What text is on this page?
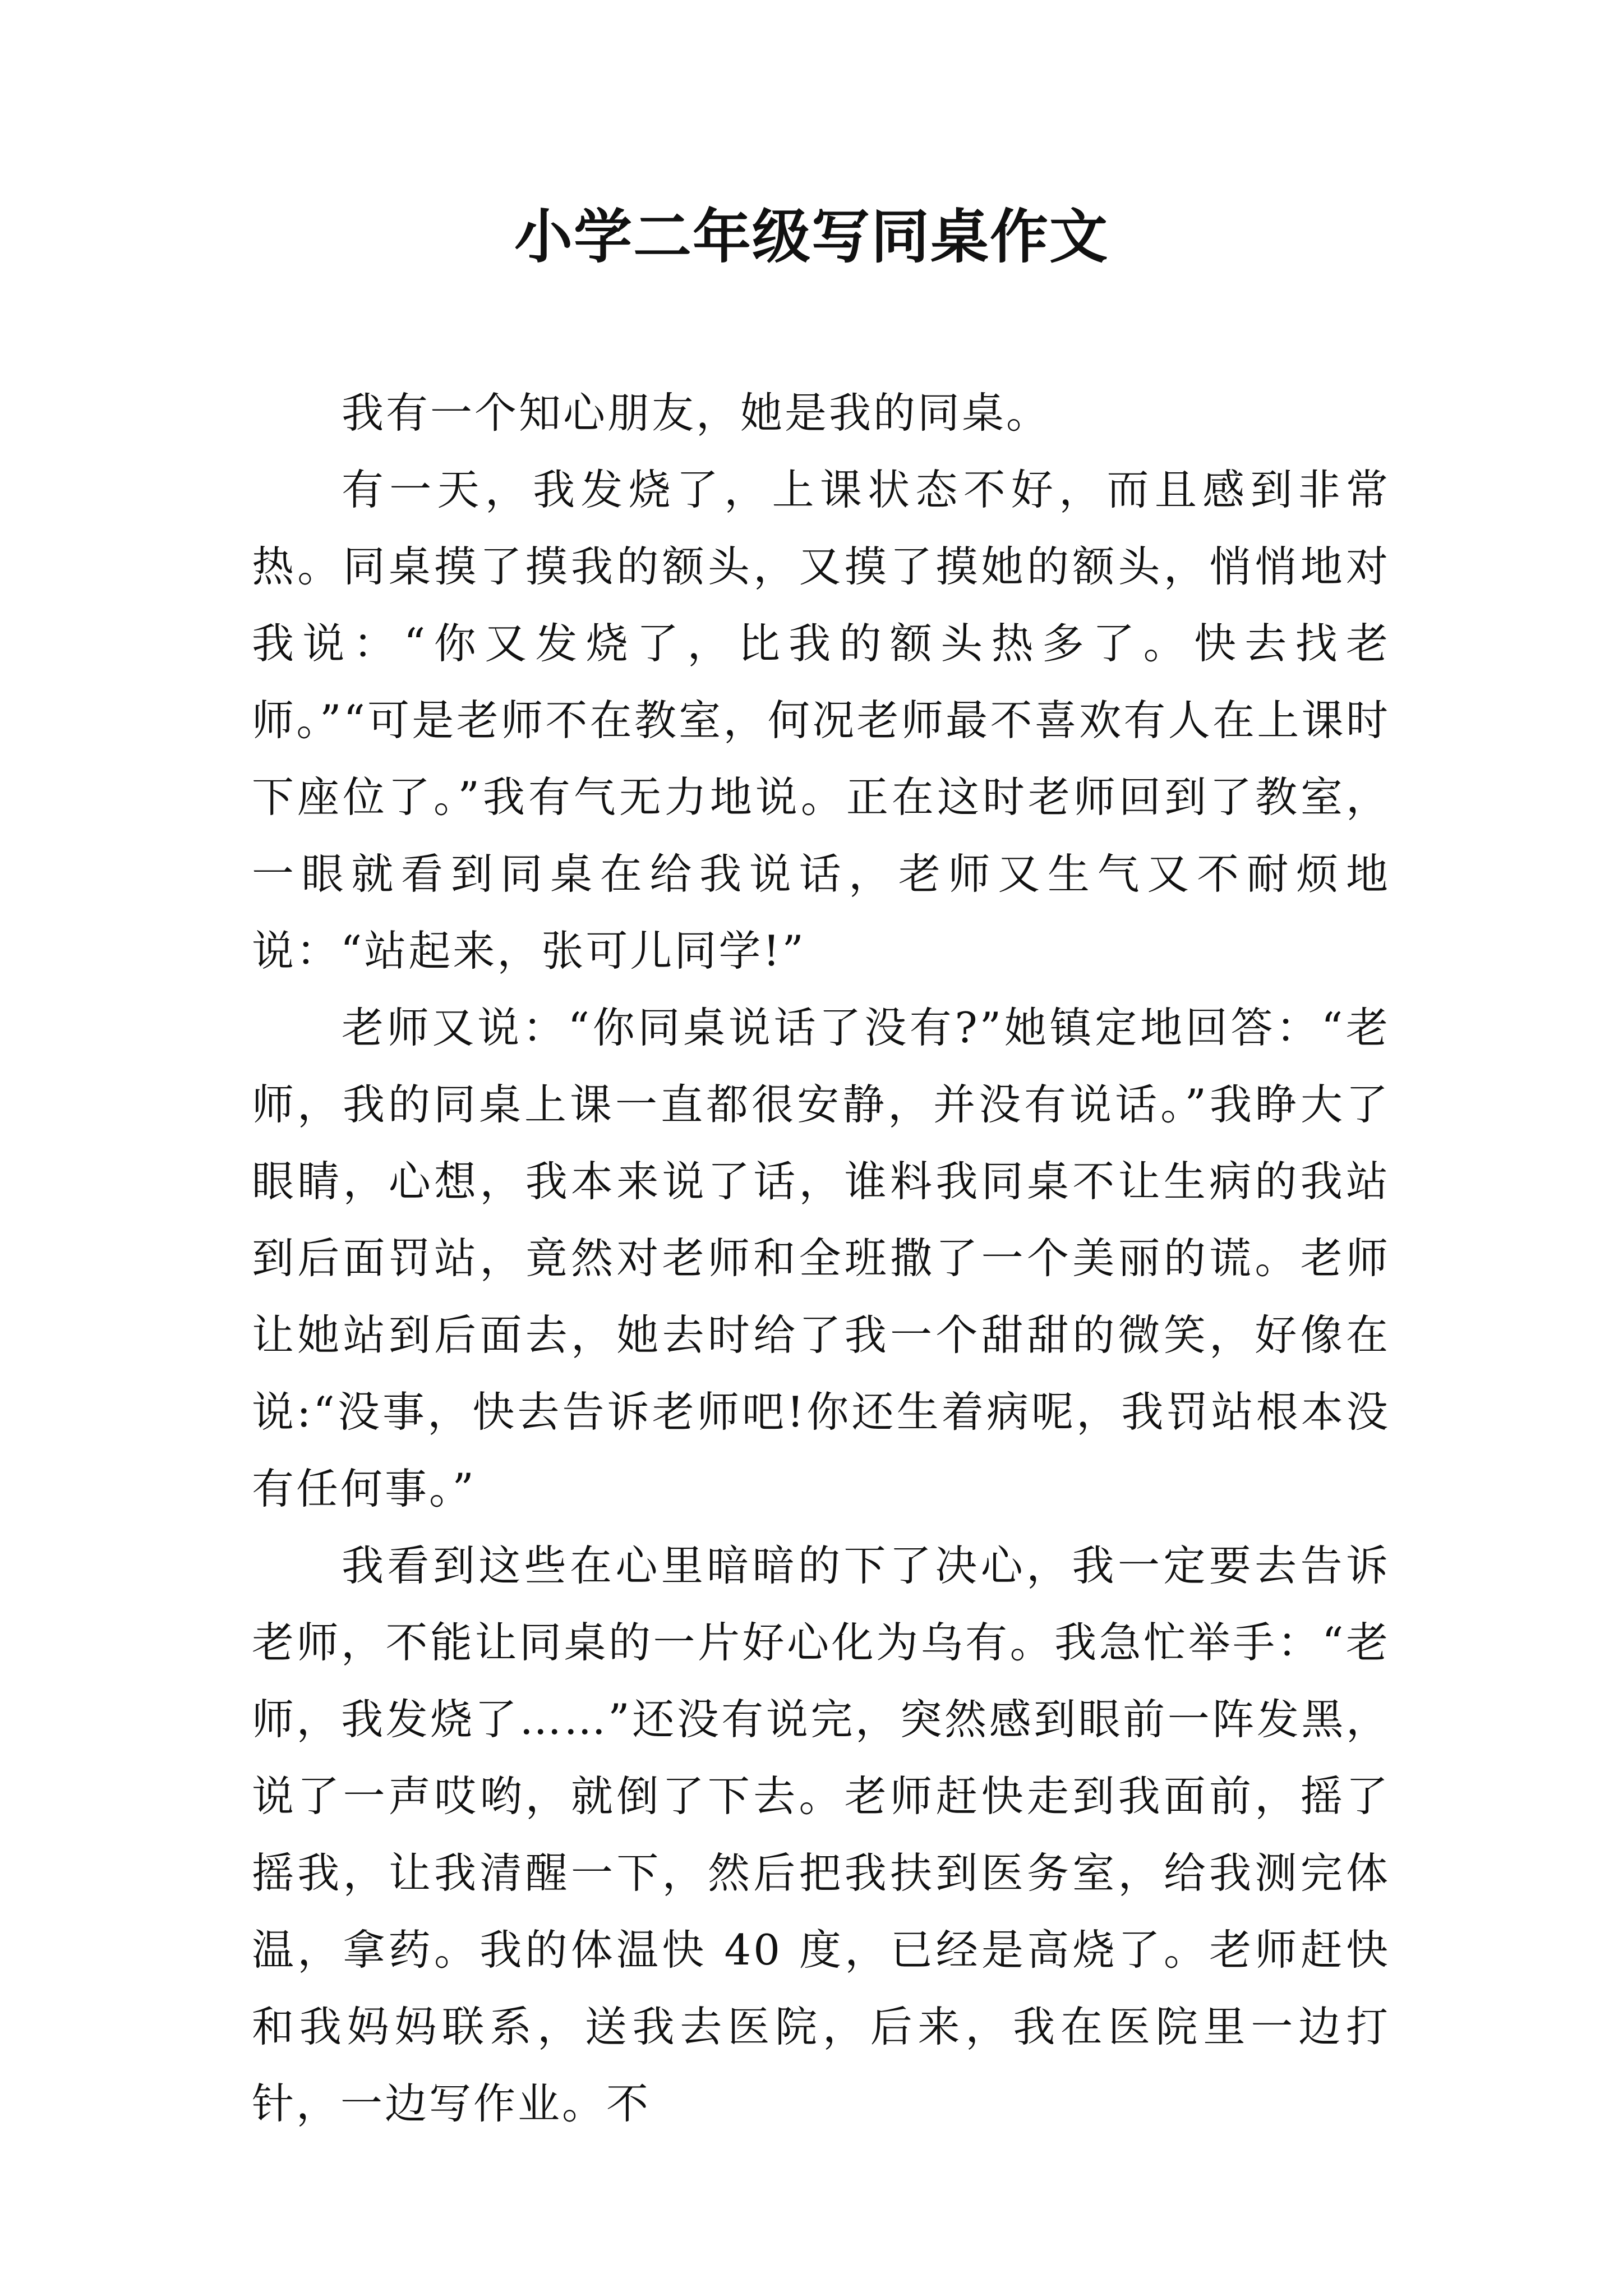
小学二年级写同桌作文

我有一个知心朋友，她是我的同桌。

有一天，我发烧了，上课状态不好，而且感到非常热。同桌摸了摸我的额头，又摸了摸她的额头，悄悄地对我说：“你又发烧了，比我的额头热多了。快去找老师。”“可是老师不在教室，何况老师最不喜欢有人在上课时下座位了。”我有气无力地说。正在这时老师回到了教室，一眼就看到同桌在给我说话，老师又生气又不耐烦地说：“站起来，张可儿同学!”

老师又说：“你同桌说话了没有?”她镇定地回答：“老师，我的同桌上课一直都很安静，并没有说话。”我睁大了眼睛，心想，我本来说了话，谁料我同桌不让生病的我站到后面罚站，竟然对老师和全班撒了一个美丽的谎。老师让她站到后面去，她去时给了我一个甜甜的微笑，好像在说:“没事，快去告诉老师吧!你还生着病呢，我罚站根本没有任何事。”

我看到这些在心里暗暗的下了决心，我一定要去告诉老师，不能让同桌的一片好心化为乌有。我急忙举手：“老师，我发烧了……”还没有说完，突然感到眼前一阵发黑，说了一声哎哟，就倒了下去。老师赶快走到我面前，摇了摇我，让我清醒一下，然后把我扶到医务室，给我测完体温，拿药。我的体温快 40 度，已经是高烧了。老师赶快和我妈妈联系，送我去医院，后来，我在医院里一边打针，一边写作业。不
